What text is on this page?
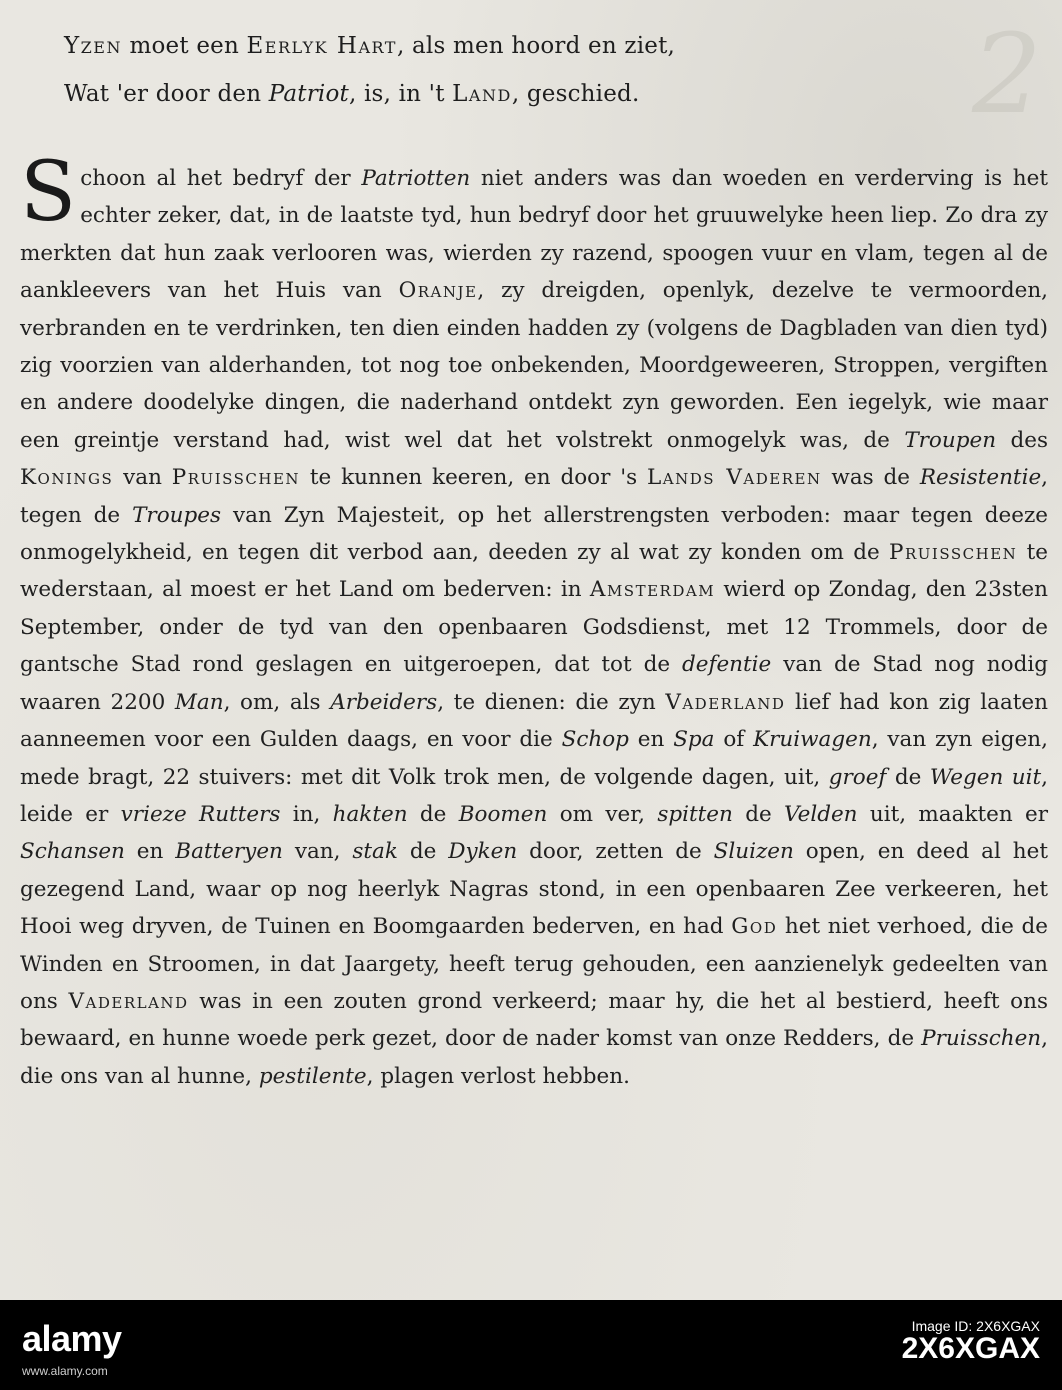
2
Yzen moet een Eerlyk Hart, als men hoord en ziet,
Wat 'er door den Patriot, is, in 't Land, geschied.
Schoon al het bedryf der Patriotten niet anders was dan woeden en verderving is het echter zeker, dat, in de laatste tyd, hun bedryf door het gruuwelyke heen liep. Zo dra zy merkten dat hun zaak verlooren was, wierden zy razend, spoogen vuur en vlam, tegen al de aankleevers van het Huis van Oranje, zy dreigden, openlyk, dezelve te vermoorden, verbranden en te verdrinken, ten dien einden hadden zy (volgens de Dagbladen van dien tyd) zig voorzien van alderhanden, tot nog toe onbekenden, Moordgeweeren, Stroppen, vergiften en andere doodelyke dingen, die naderhand ontdekt zyn geworden. Een iegelyk, wie maar een greintje verstand had, wist wel dat het volstrekt onmogelyk was, de Troupen des Konings van Pruisschen te kunnen keeren, en door 's Lands Vaderen was de Resistentie, tegen de Troupes van Zyn Majesteit, op het allerstrengsten verboden: maar tegen deeze onmogelykheid, en tegen dit verbod aan, deeden zy al wat zy konden om de Pruisschen te wederstaan, al moest er het Land om bederven: in Amsterdam wierd op Zondag, den 23sten September, onder de tyd van den openbaaren Godsdienst, met 12 Trommels, door de gantsche Stad rond geslagen en uitgeroepen, dat tot de defentie van de Stad nog nodig waaren 2200 Man, om, als Arbeiders, te dienen: die zyn Vaderland lief had kon zig laaten aanneemen voor een Gulden daags, en voor die Schop en Spa of Kruiwagen, van zyn eigen, mede bragt, 22 stuivers: met dit Volk trok men, de volgende dagen, uit, groef de Wegen uit, leide er vrieze Rutters in, hakten de Boomen om ver, spitten de Velden uit, maakten er Schansen en Batteryen van, stak de Dyken door, zetten de Sluizen open, en deed al het gezegend Land, waar op nog heerlyk Nagras stond, in een openbaaren Zee verkeeren, het Hooi weg dryven, de Tuinen en Boomgaarden bederven, en had God het niet verhoed, die de Winden en Stroomen, in dat Jaargety, heeft terug gehouden, een aanzienelyk gedeelten van ons Vaderland was in een zouten grond verkeerd; maar hy, die het al bestierd, heeft ons bewaard, en hunne woede perk gezet, door de nader komst van onze Redders, de Pruisschen, die ons van al hunne, pestilente, plagen verlost hebben.
alamy	Image ID: 2X6XGAX
2X6XGAX
www.alamy.com
